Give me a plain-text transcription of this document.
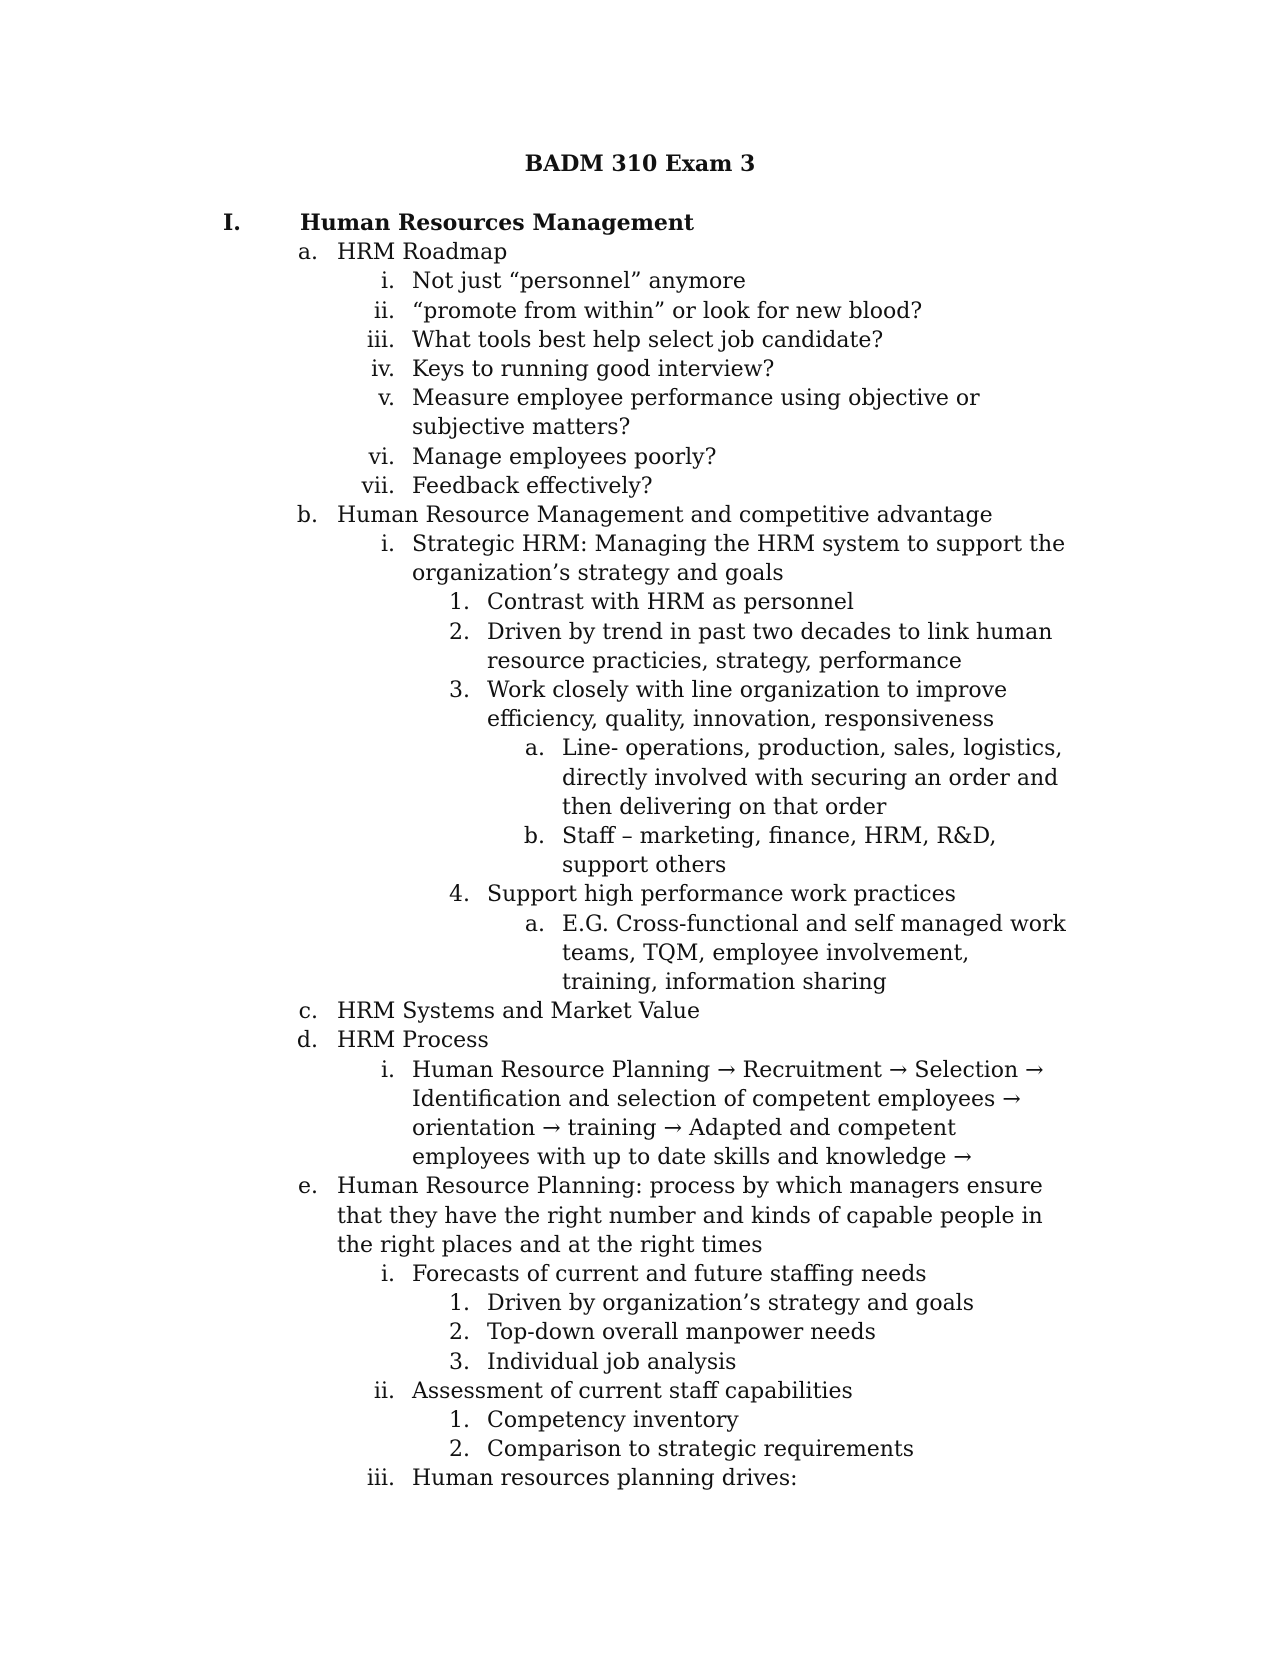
BADM 310 Exam 3
I.	Human Resources Management
a. HRM Roadmap
i. Not just “personnel” anymore
ii. “promote from within” or look for new blood?
iii. What tools best help select job candidate?
iv. Keys to running good interview?
v. Measure employee performance using objective or subjective matters?
vi. Manage employees poorly?
vii. Feedback effectively?
b. Human Resource Management and competitive advantage
i. Strategic HRM: Managing the HRM system to support the organization’s strategy and goals
1. Contrast with HRM as personnel
2. Driven by trend in past two decades to link human resource practicies, strategy, performance
3. Work closely with line organization to improve efficiency, quality, innovation, responsiveness
a. Line- operations, production, sales, logistics, directly involved with securing an order and then delivering on that order
b. Staff – marketing, finance, HRM, R&D, support others
4. Support high performance work practices
a. E.G. Cross-functional and self managed work teams, TQM, employee involvement, training, information sharing
c. HRM Systems and Market Value
d. HRM Process
i. Human Resource Planning → Recruitment → Selection → Identification and selection of competent employees → orientation → training → Adapted and competent employees with up to date skills and knowledge →
e. Human Resource Planning: process by which managers ensure that they have the right number and kinds of capable people in the right places and at the right times
i. Forecasts of current and future staffing needs
1. Driven by organization’s strategy and goals
2. Top-down overall manpower needs
3. Individual job analysis
ii. Assessment of current staff capabilities
1. Competency inventory
2. Comparison to strategic requirements
iii. Human resources planning drives:
